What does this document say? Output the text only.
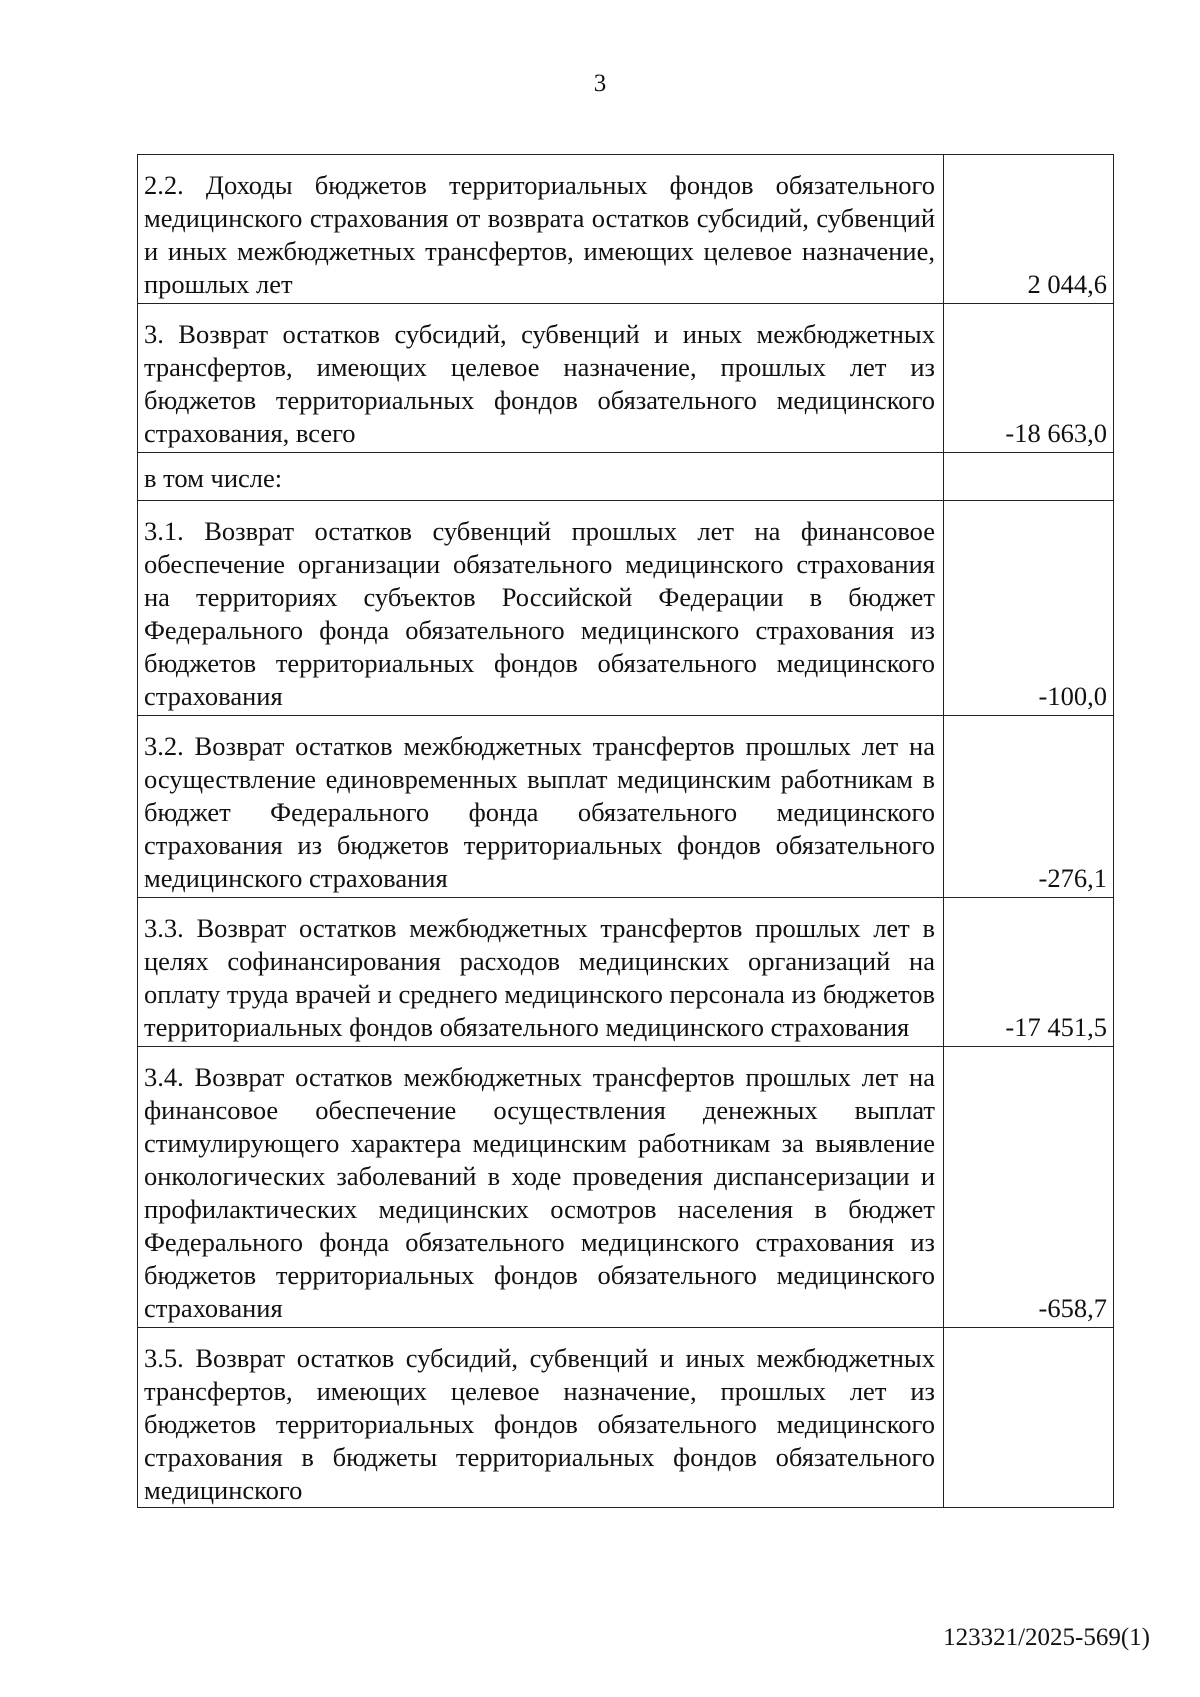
3
2.2. Доходы бюджетов территориальных фондов обязательного медицинского страхования от возврата остатков субсидий, субвенций и иных межбюджетных трансфертов, имеющих целевое назначение, прошлых лет	2 044,6
3. Возврат остатков субсидий, субвенций и иных межбюджетных трансфертов, имеющих целевое назначение, прошлых лет из бюджетов территориальных фондов обязательного медицинского страхования, всего	-18 663,0
в том числе:	
3.1. Возврат остатков субвенций прошлых лет на финансовое обеспечение организации обязательного медицинского страхования на территориях субъектов Российской Федерации в бюджет Федерального фонда обязательного медицинского страхования из бюджетов территориальных фондов обязательного медицинского страхования	-100,0
3.2. Возврат остатков межбюджетных трансфертов прошлых лет на осуществление единовременных выплат медицинским работникам в бюджет Федерального фонда обязательного медицинского страхования из бюджетов территориальных фондов обязательного медицинского страхования	-276,1
3.3. Возврат остатков межбюджетных трансфертов прошлых лет в целях софинансирования расходов медицинских организаций на оплату труда врачей и среднего медицинского персонала из бюджетов территориальных фондов обязательного медицинского страхования	-17 451,5
3.4. Возврат остатков межбюджетных трансфертов прошлых лет на финансовое обеспечение осуществления денежных выплат стимулирующего характера медицинским работникам за выявление онкологических заболеваний в ходе проведения диспансеризации и профилактических медицинских осмотров населения в бюджет Федерального фонда обязательного медицинского страхования из бюджетов территориальных фондов обязательного медицинского страхования	-658,7
3.5. Возврат остатков субсидий, субвенций и иных межбюджетных трансфертов, имеющих целевое назначение, прошлых лет из бюджетов территориальных фондов обязательного медицинского страхования в бюджеты территориальных фондов обязательного медицинского	
123321/2025-569(1)
